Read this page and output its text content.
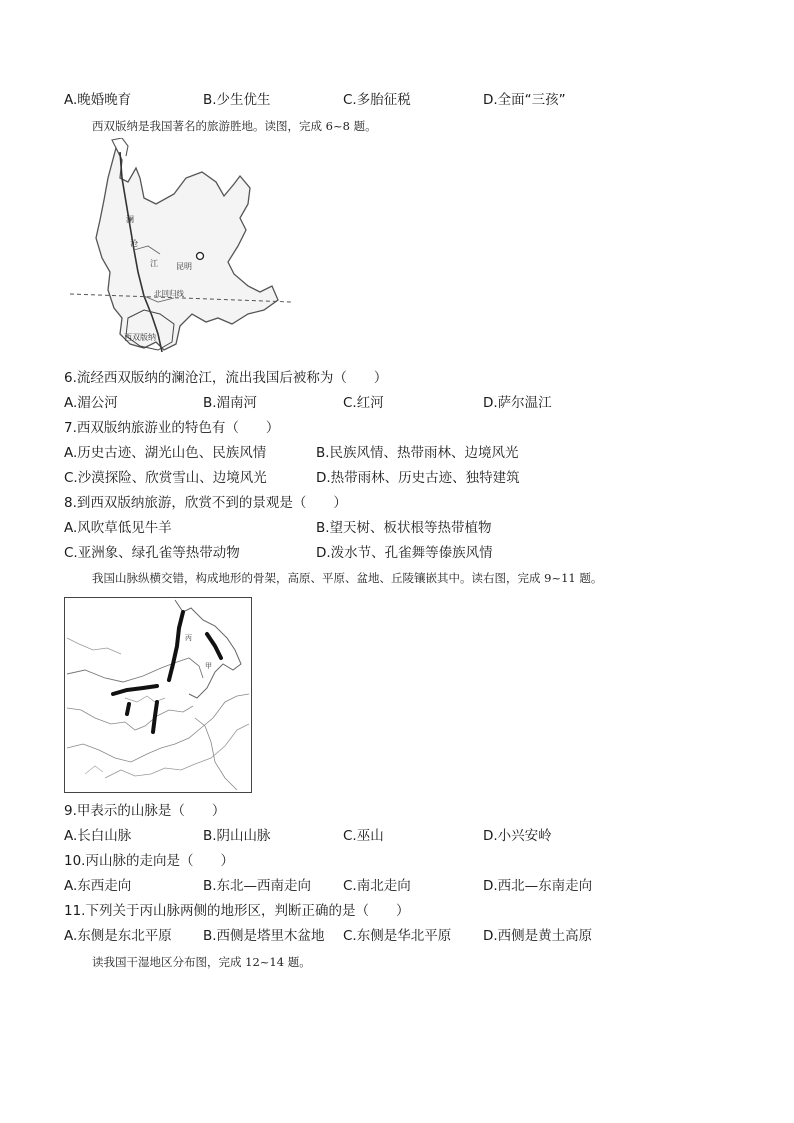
A.晚婚晚育	B.少生优生	C.多胎征税	D.全面“三孩”
西双版纳是我国著名的旅游胜地。读图，完成 6~8 题。
澜
沧
江 昆明
北回归线
西双版纳
6.流经西双版纳的澜沧江，流出我国后被称为（　　）
A.湄公河	B.湄南河	C.红河	D.萨尔温江
7.西双版纳旅游业的特色有（　　）
A.历史古迹、湖光山色、民族风情	B.民族风情、热带雨林、边境风光
C.沙漠探险、欣赏雪山、边境风光	D.热带雨林、历史古迹、独特建筑
8.到西双版纳旅游，欣赏不到的景观是（　　）
A.风吹草低见牛羊	B.望天树、板状根等热带植物
C.亚洲象、绿孔雀等热带动物	D.泼水节、孔雀舞等傣族风情
我国山脉纵横交错，构成地形的骨架，高原、平原、盆地、丘陵镶嵌其中。读右图，完成 9~11 题。
丙
甲
9.甲表示的山脉是（　　）
A.长白山脉	B.阴山山脉	C.巫山	D.小兴安岭
10.丙山脉的走向是（　　）
A.东西走向	B.东北—西南走向 C.南北走向	D.西北—东南走向
11.下列关于丙山脉两侧的地形区，判断正确的是（　　）
A.东侧是东北平原 B.西侧是塔里木盆地 C.东侧是华北平原 D.西侧是黄土高原
读我国干湿地区分布图，完成 12~14 题。
